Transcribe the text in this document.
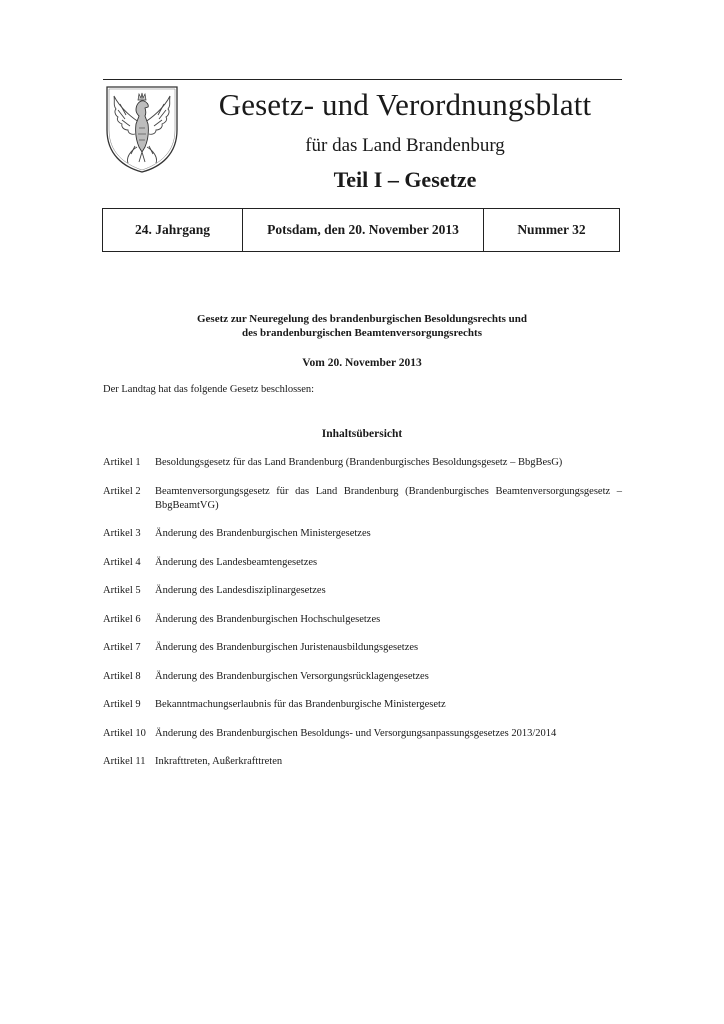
Gesetz- und Verordnungsblatt
für das Land Brandenburg
Teil I – Gesetze
24. Jahrgang	Potsdam, den 20. November 2013	Nummer 32
Gesetz zur Neuregelung des brandenburgischen Besoldungsrechts und
des brandenburgischen Beamtenversorgungsrechts
Vom 20. November 2013
Der Landtag hat das folgende Gesetz beschlossen:
Inhaltsübersicht
Artikel 1	Besoldungsgesetz für das Land Brandenburg (Brandenburgisches Besoldungsgesetz – BbgBesG)
Artikel 2	Beamtenversorgungsgesetz für das Land Brandenburg (Brandenburgisches Beamtenversorgungsgesetz – BbgBeamtVG)
Artikel 3	Änderung des Brandenburgischen Ministergesetzes
Artikel 4	Änderung des Landesbeamtengesetzes
Artikel 5	Änderung des Landesdisziplinargesetzes
Artikel 6	Änderung des Brandenburgischen Hochschulgesetzes
Artikel 7	Änderung des Brandenburgischen Juristenausbildungsgesetzes
Artikel 8	Änderung des Brandenburgischen Versorgungsrücklagengesetzes
Artikel 9	Bekanntmachungserlaubnis für das Brandenburgische Ministergesetz
Artikel 10 Änderung des Brandenburgischen Besoldungs- und Versorgungsanpassungsgesetzes 2013/2014
Artikel 11 Inkrafttreten, Außerkrafttreten
